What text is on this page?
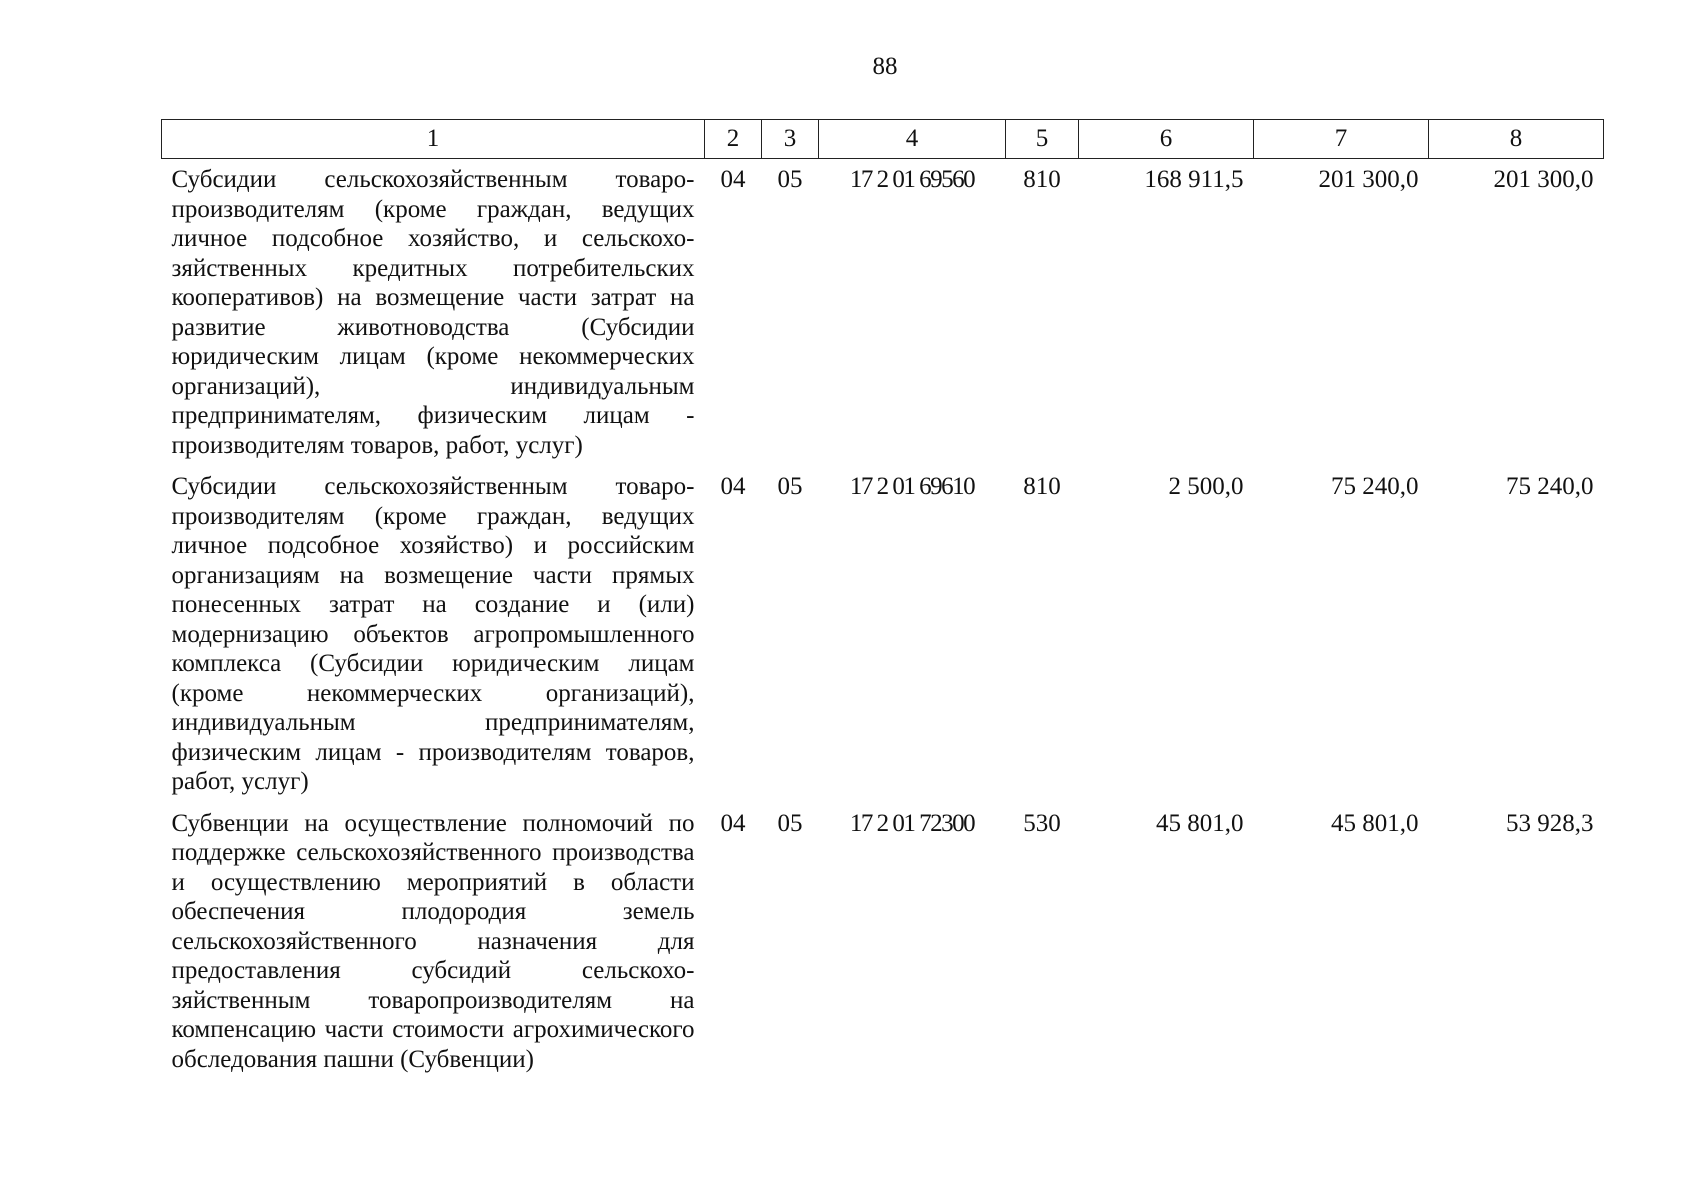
88
1	2	3	4	5	6	7	8
Субсидии сельскохозяйственным товаропроизводителям (кроме граждан, ведущих личное подсобное хозяйство, и сельскохозяйственных кредитных потребительских кооперативов) на возмещение части затрат на развитие животноводства (Субсидии юридическим лицам (кроме некоммерческих организаций), индивидуальным предпринимателям, физическим лицам - производителям товаров, работ, услуг)	04	05	17 2 01 69560	810	168 911,5	201 300,0	201 300,0
Субсидии сельскохозяйственным товаропроизводителям (кроме граждан, ведущих личное подсобное хозяйство) и российским организациям на возмещение части прямых понесенных затрат на создание и (или) модернизацию объектов агропромышленного комплекса (Субсидии юридическим лицам (кроме некоммерческих организаций), индивидуальным предпринимателям, физическим лицам - производителям товаров, работ, услуг)	04	05	17 2 01 69610	810	2 500,0	75 240,0	75 240,0
Субвенции на осуществление полномочий по поддержке сельскохозяйственного производства и осуществлению мероприятий в области обеспечения плодородия земель сельскохозяйственного назначения для предоставления субсидий сельскохозяйственным товаропроизводителям на компенсацию части стоимости агрохимического обследования пашни (Субвенции)	04	05	17 2 01 72300	530	45 801,0	45 801,0	53 928,3
